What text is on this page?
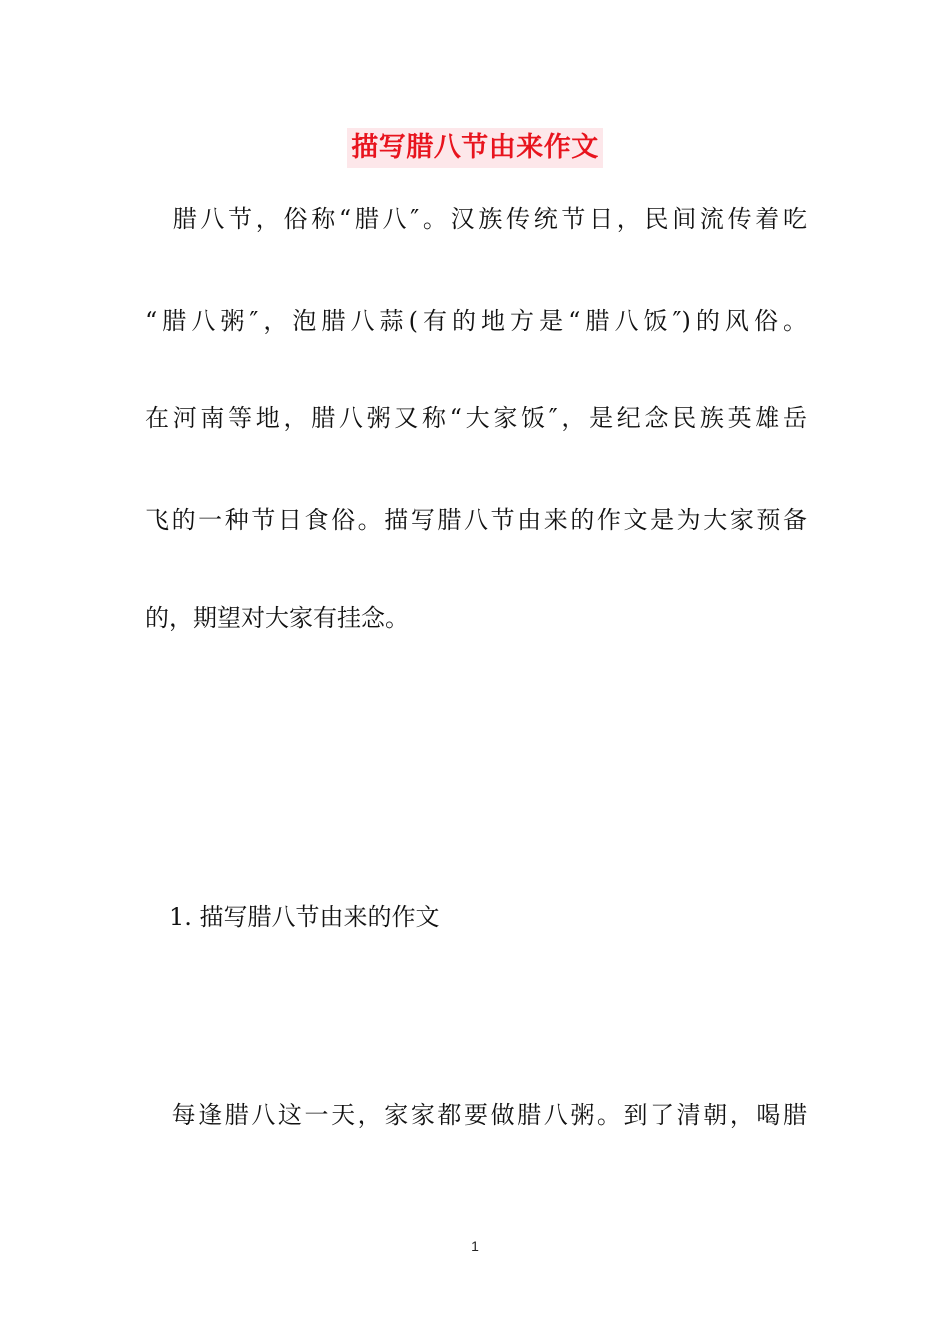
描写腊八节由来作文
　腊八节，俗称“腊八″。汉族传统节日，民间流传着吃
“腊八粥″，泡腊八蒜(有的地方是“腊八饭″)的风俗。
在河南等地，腊八粥又称“大家饭″，是纪念民族英雄岳
飞的一种节日食俗。描写腊八节由来的作文是为大家预备
的，期望对大家有挂念。
　1. 描写腊八节由来的作文
　每逢腊八这一天，家家都要做腊八粥。到了清朝，喝腊
1
